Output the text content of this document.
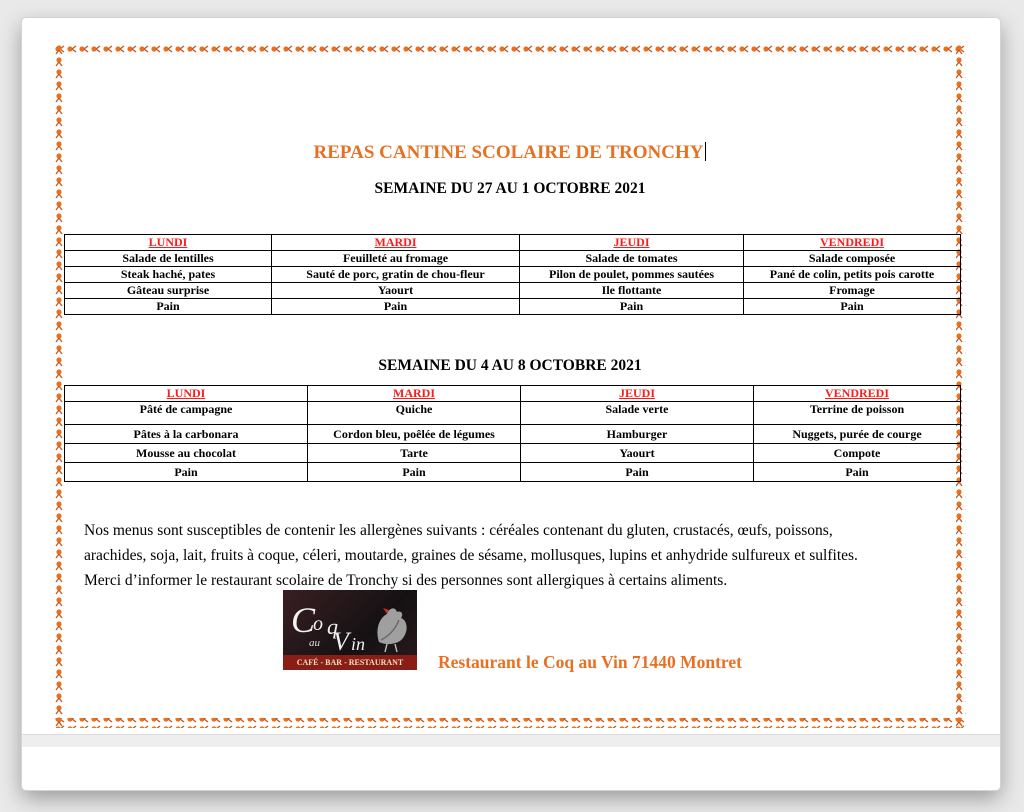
REPAS CANTINE SCOLAIRE DE TRONCHY
SEMAINE DU 27 AU 1 OCTOBRE 2021
LUNDI	MARDI	JEUDI	VENDREDI
Salade de lentilles	Feuilleté au fromage	Salade de tomates	Salade composée
Steak haché, pates	Sauté de porc, gratin de chou-fleur	Pilon de poulet, pommes sautées	Pané de colin, petits pois carotte
Gâteau surprise	Yaourt	Ile flottante	Fromage
Pain	Pain	Pain	Pain
SEMAINE DU 4 AU 8 OCTOBRE 2021
LUNDI	MARDI	JEUDI	VENDREDI
Pâté de campagne	Quiche	Salade verte	Terrine de poisson
Pâtes à la carbonara	Cordon bleu, poêlée de légumes	Hamburger	Nuggets, purée de courge
Mousse au chocolat	Tarte	Yaourt	Compote
Pain	Pain	Pain	Pain
Nos menus sont susceptibles de contenir les allergènes suivants : céréales contenant du gluten, crustacés, œufs, poissons,
arachides, soja, lait, fruits à coque, céleri, moutarde, graines de sésame, mollusques, lupins et anhydride sulfureux et sulfites.
Merci d’informer le restaurant scolaire de Tronchy si des personnes sont allergiques à certains aliments.
C
o q
au V in
CAFÉ - BAR - RESTAURANT	Restaurant le Coq au Vin 71440 Montret
